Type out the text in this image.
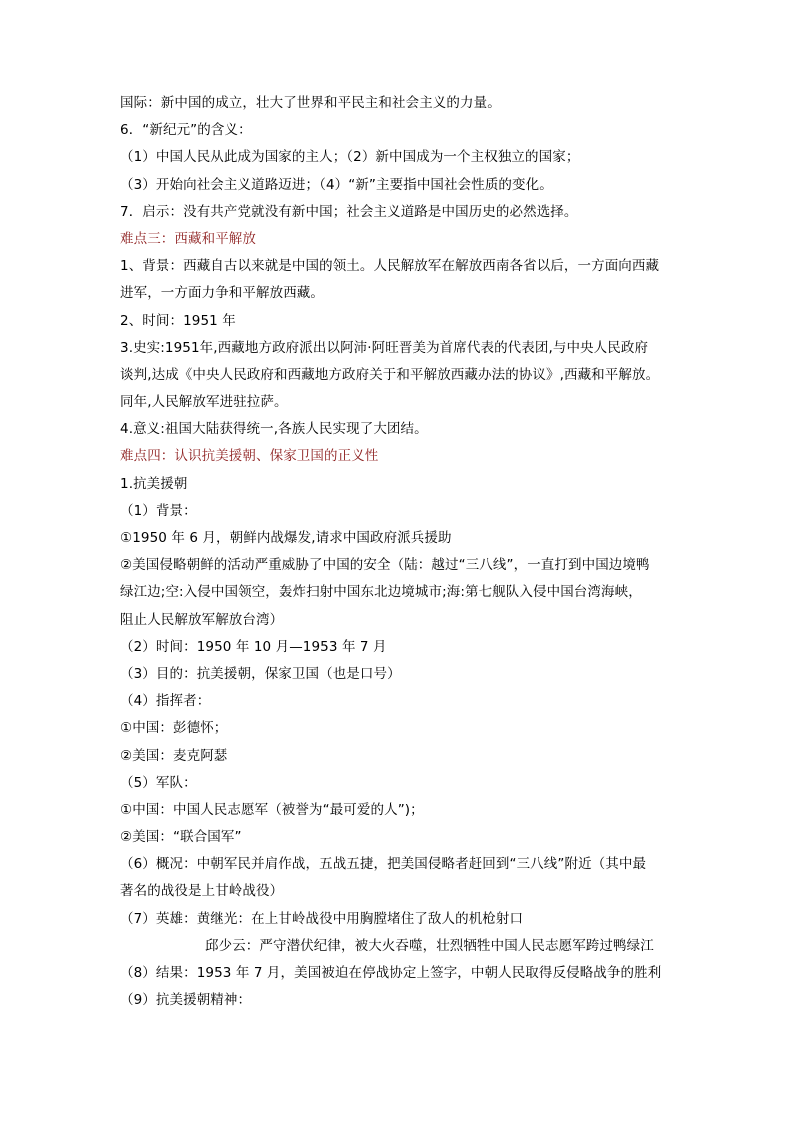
国际：新中国的成立，壮大了世界和平民主和社会主义的力量。
6．“新纪元”的含义：
（1）中国人民从此成为国家的主人；（2）新中国成为一个主权独立的国家；
（3）开始向社会主义道路迈进；（4）“新”主要指中国社会性质的变化。
7．启示：没有共产党就没有新中国；社会主义道路是中国历史的必然选择。
难点三：西藏和平解放
1、背景：西藏自古以来就是中国的领土。人民解放军在解放西南各省以后，一方面向西藏
进军，一方面力争和平解放西藏。
2、时间：1951 年
3.史实:1951年,西藏地方政府派出以阿沛·阿旺晋美为首席代表的代表团,与中央人民政府
谈判,达成《中央人民政府和西藏地方政府关于和平解放西藏办法的协议》,西藏和平解放。
同年,人民解放军进驻拉萨。
4.意义:祖国大陆获得统一,各族人民实现了大团结。
难点四：认识抗美援朝、保家卫国的正义性
1.抗美援朝
（1）背景：
①1950 年 6 月，朝鲜内战爆发,请求中国政府派兵援助
②美国侵略朝鲜的活动严重威胁了中国的安全（陆：越过“三八线”，一直打到中国边境鸭
绿江边;空:入侵中国领空，轰炸扫射中国东北边境城市;海:第七舰队入侵中国台湾海峡，
阻止人民解放军解放台湾）
（2）时间：1950 年 10 月—1953 年 7 月
（3）目的：抗美援朝，保家卫国（也是口号）
（4）指挥者：
①中国：彭德怀；
②美国：麦克阿瑟
（5）军队：
①中国：中国人民志愿军（被誉为“最可爱的人”)；
②美国：“联合国军”
（6）概况：中朝军民并肩作战，五战五捷，把美国侵略者赶回到“三八线”附近（其中最
著名的战役是上甘岭战役）
（7）英雄：黄继光：在上甘岭战役中用胸膛堵住了敌人的机枪射口
邱少云：严守潜伏纪律，被大火吞噬，壮烈牺牲中国人民志愿军跨过鸭绿江
（8）结果：1953 年 7 月，美国被迫在停战协定上签字，中朝人民取得反侵略战争的胜利
（9）抗美援朝精神：
